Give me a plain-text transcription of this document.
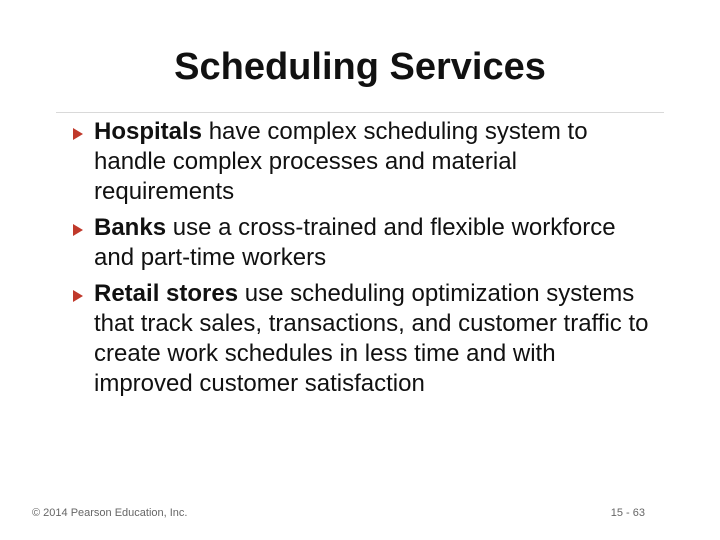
Scheduling Services
Hospitals have complex scheduling system to handle complex processes and material requirements
Banks use a cross-trained and flexible workforce and part-time workers
Retail stores use scheduling optimization systems that track sales, transactions, and customer traffic to create work schedules in less time and with improved customer satisfaction
© 2014 Pearson Education, Inc.	15 - 63
